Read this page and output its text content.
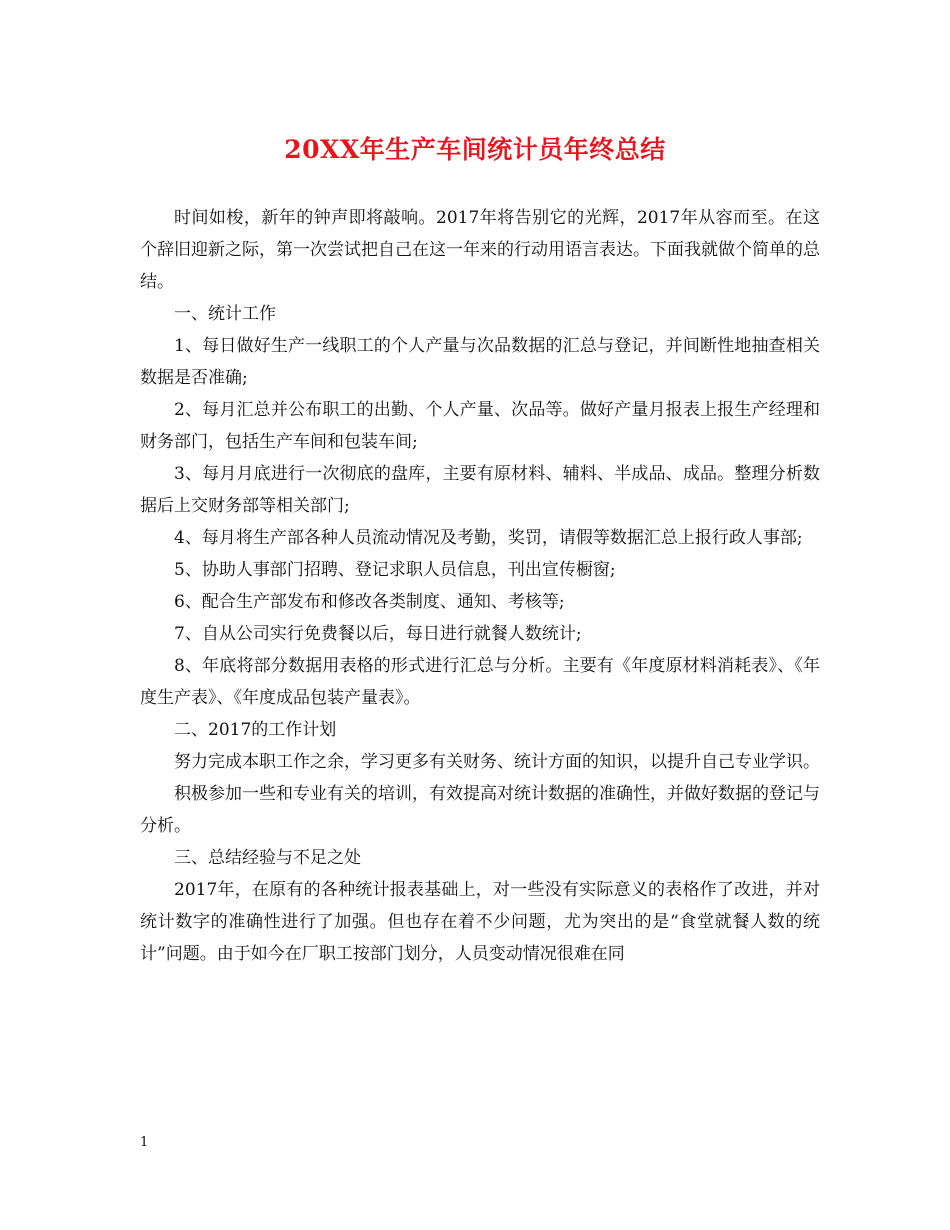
20XX年生产车间统计员年终总结

时间如梭，新年的钟声即将敲响。2017年将告别它的光辉，2017年从容而至。在这个辞旧迎新之际，第一次尝试把自己在这一年来的行动用语言表达。下面我就做个简单的总结。

一、统计工作

1、每日做好生产一线职工的个人产量与次品数据的汇总与登记，并间断性地抽查相关数据是否准确;

2、每月汇总并公布职工的出勤、个人产量、次品等。做好产量月报表上报生产经理和财务部门，包括生产车间和包装车间;

3、每月月底进行一次彻底的盘库，主要有原材料、辅料、半成品、成品。整理分析数据后上交财务部等相关部门;

4、每月将生产部各种人员流动情况及考勤，奖罚，请假等数据汇总上报行政人事部;

5、协助人事部门招聘、登记求职人员信息，刊出宣传橱窗;

6、配合生产部发布和修改各类制度、通知、考核等;

7、自从公司实行免费餐以后，每日进行就餐人数统计;

8、年底将部分数据用表格的形式进行汇总与分析。主要有《年度原材料消耗表》、《年度生产表》、《年度成品包装产量表》。

二、2017的工作计划

努力完成本职工作之余，学习更多有关财务、统计方面的知识，以提升自己专业学识。

积极参加一些和专业有关的培训，有效提高对统计数据的准确性，并做好数据的登记与分析。

三、总结经验与不足之处

2017年，在原有的各种统计报表基础上，对一些没有实际意义的表格作了改进，并对统计数字的准确性进行了加强。但也存在着不少问题，尤为突出的是“食堂就餐人数的统计”问题。由于如今在厂职工按部门划分，人员变动情况很难在同

1
